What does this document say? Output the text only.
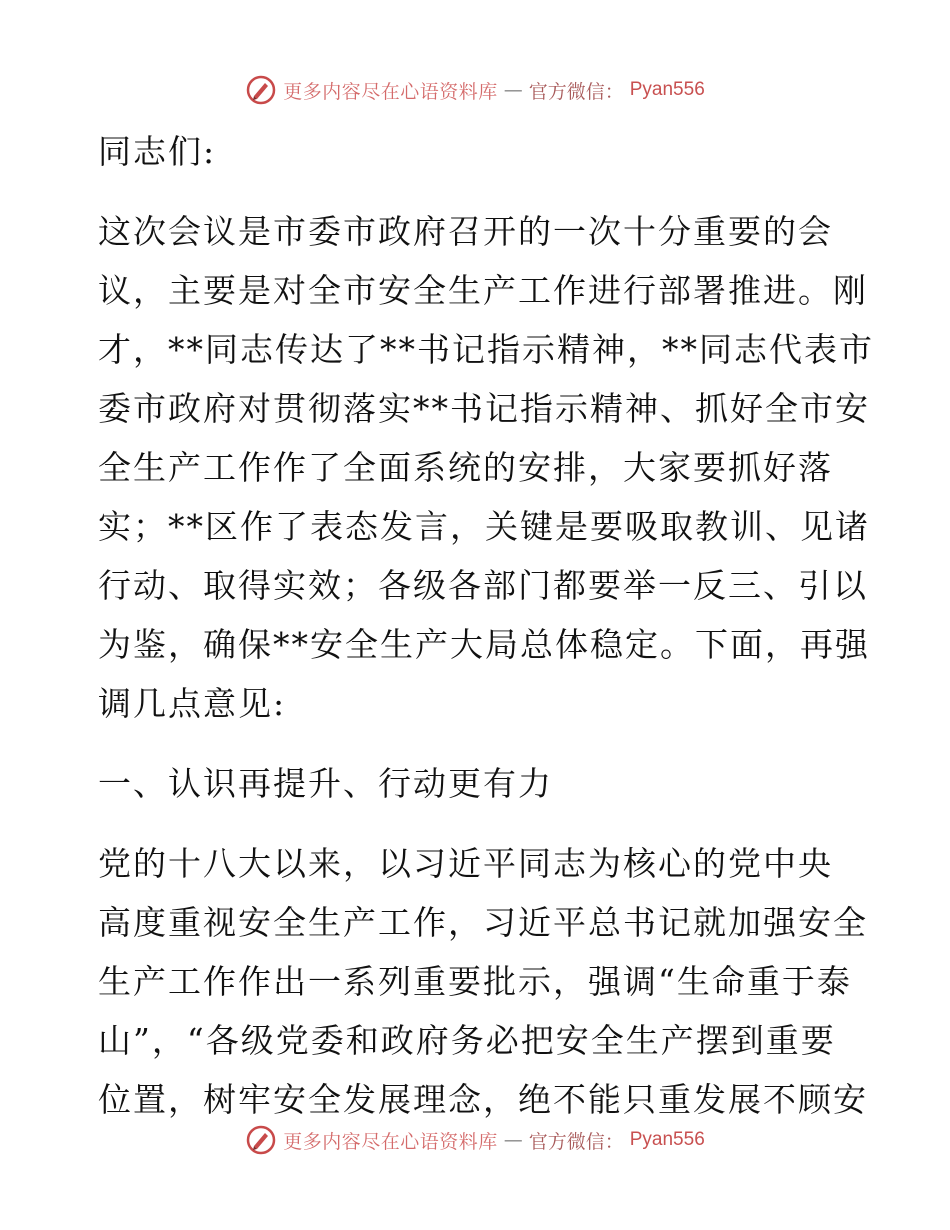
更多内容尽在心语资料库 — 官方微信： Pyan556
同志们:
这次会议是市委市政府召开的一次十分重要的会
议，主要是对全市安全生产工作进行部署推进。刚
才，**同志传达了**书记指示精神，**同志代表市
委市政府对贯彻落实**书记指示精神、抓好全市安
全生产工作作了全面系统的安排，大家要抓好落
实；**区作了表态发言，关键是要吸取教训、见诸
行动、取得实效；各级各部门都要举一反三、引以
为鉴，确保**安全生产大局总体稳定。下面，再强
调几点意见:
一、认识再提升、行动更有力
党的十八大以来，以习近平同志为核心的党中央
高度重视安全生产工作，习近平总书记就加强安全
生产工作作出一系列重要批示，强调“生命重于泰
山”，“各级党委和政府务必把安全生产摆到重要
位置，树牢安全发展理念，绝不能只重发展不顾安
更多内容尽在心语资料库 — 官方微信： Pyan556
